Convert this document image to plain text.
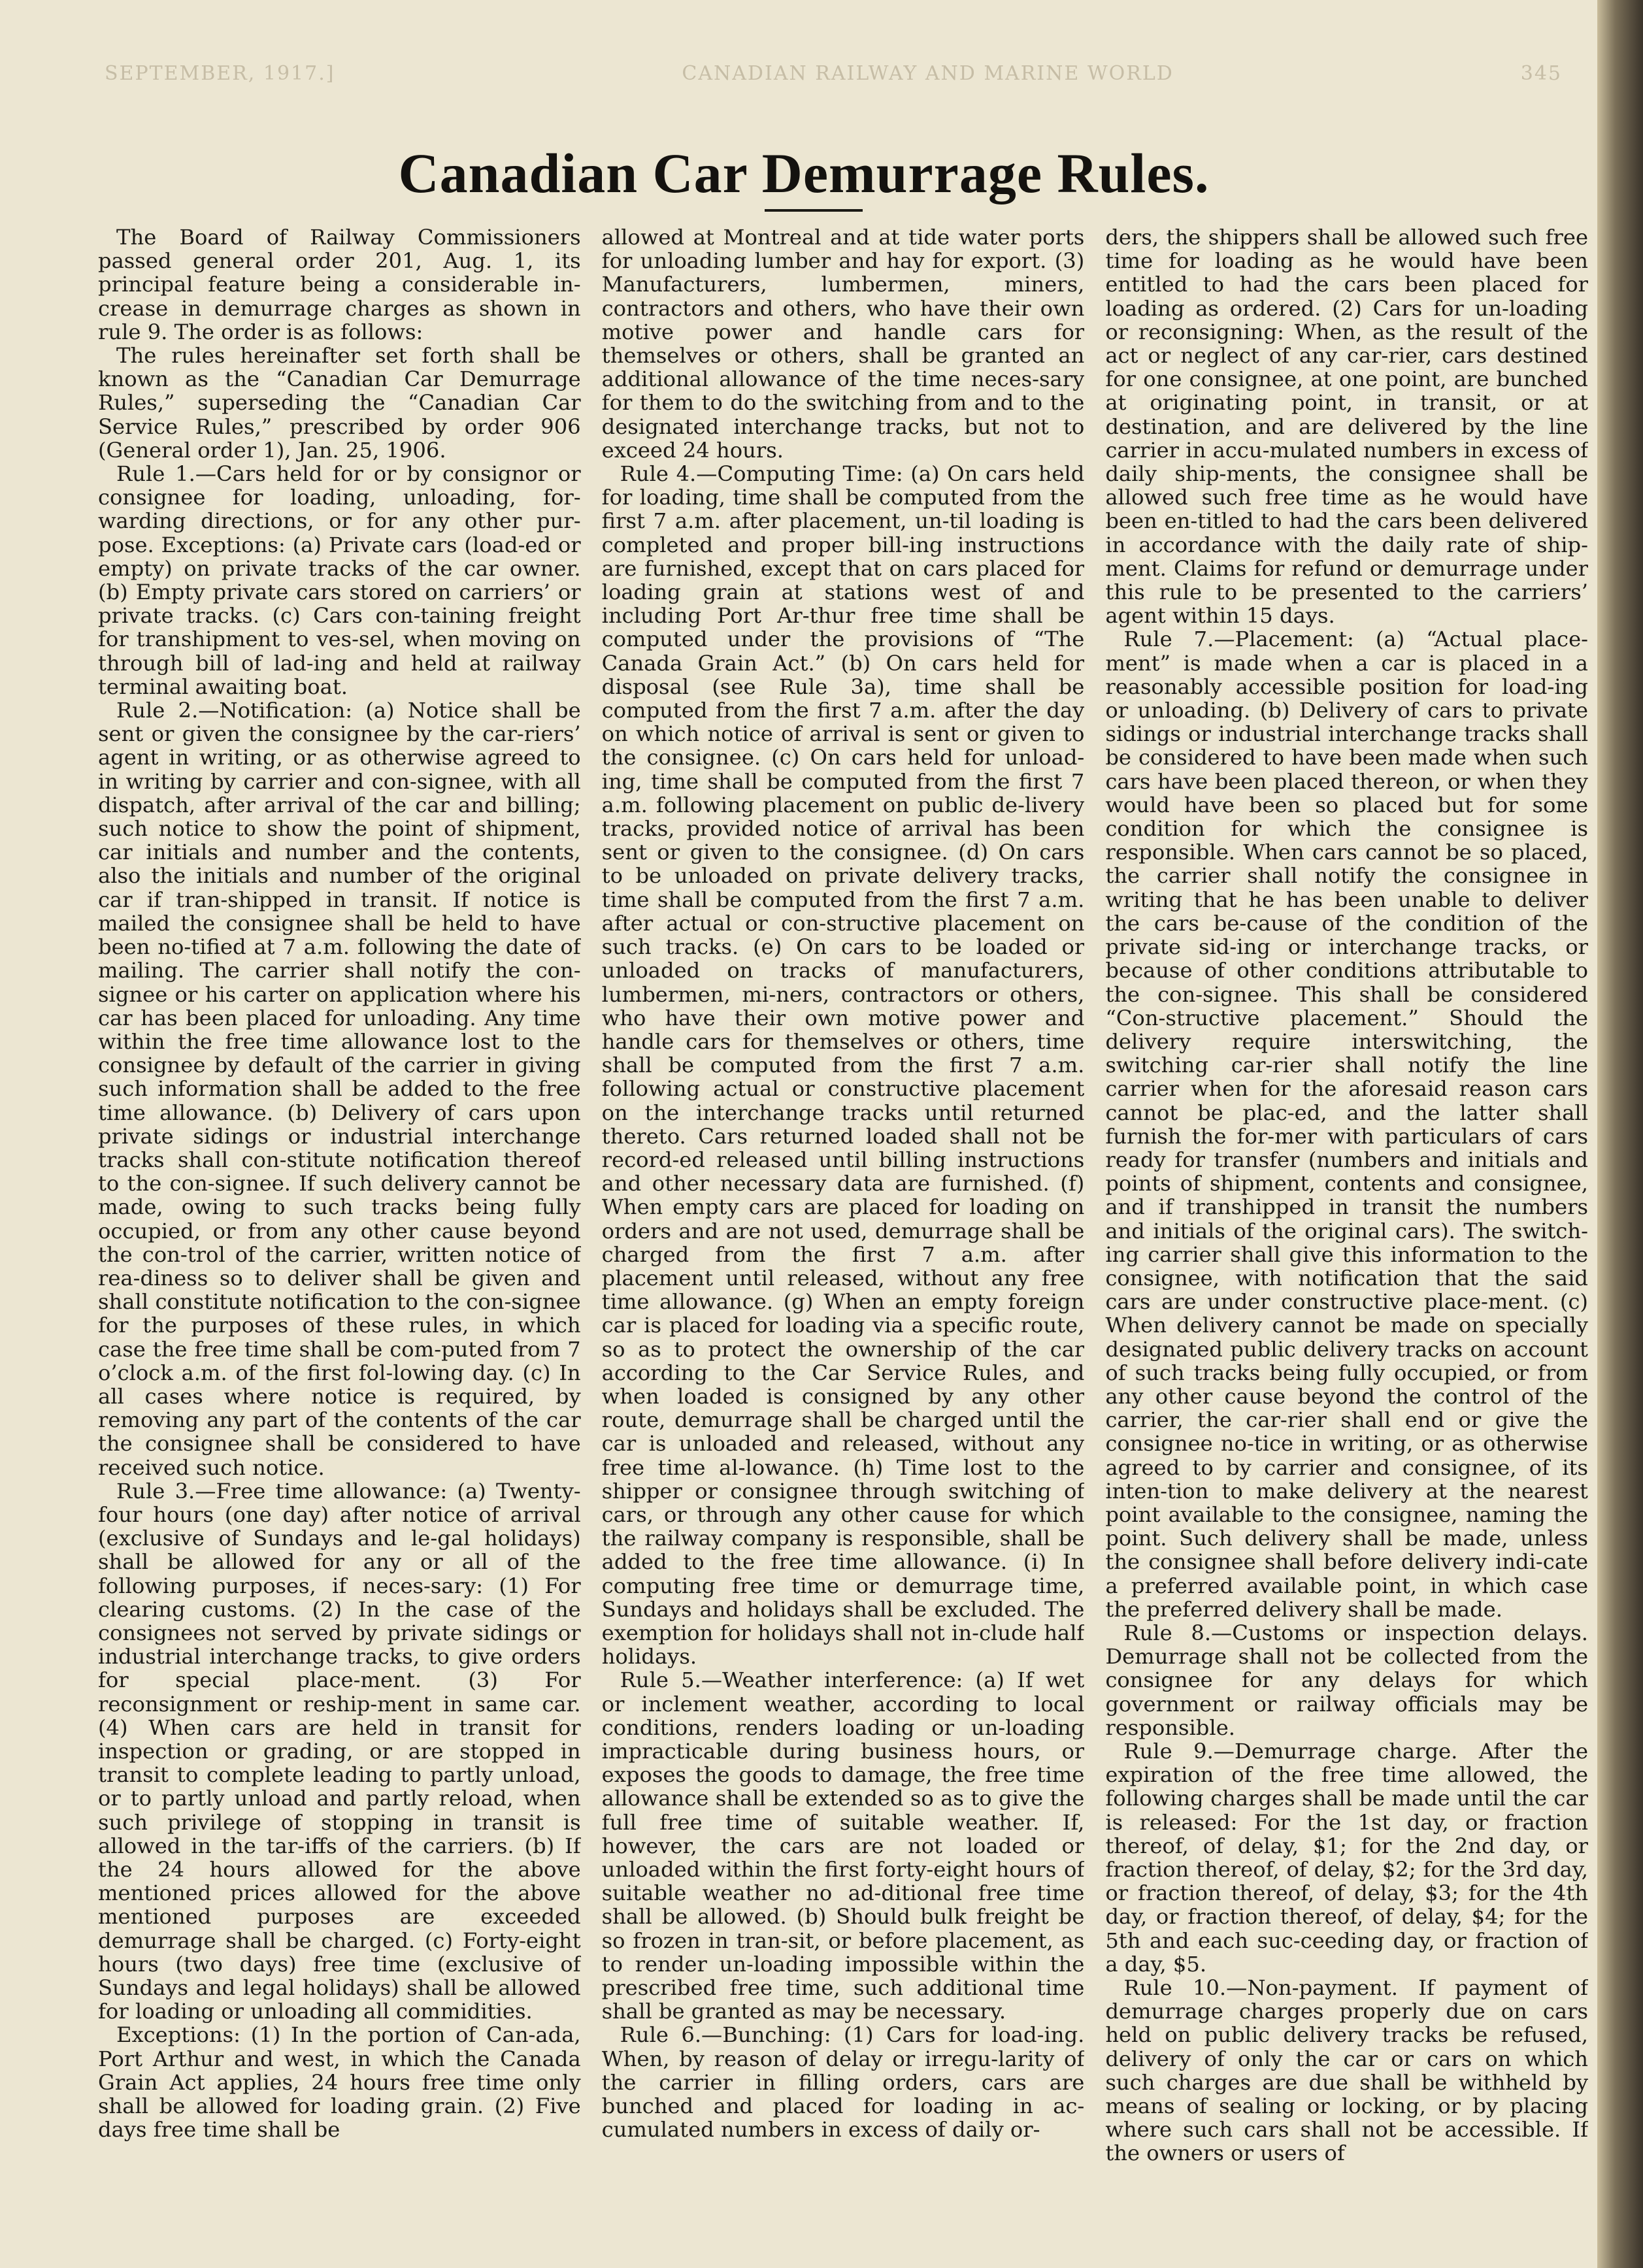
SEPTEMBER, 1917.]	CANADIAN RAILWAY AND MARINE WORLD	345
Canadian Car Demurrage Rules.

The Board of Railway Commissioners passed general order 201, Aug. 1, its principal feature being a considerable in-crease in demurrage charges as shown in rule 9. The order is as follows:

The rules hereinafter set forth shall be known as the “Canadian Car Demurrage Rules,” superseding the “Canadian Car Service Rules,” prescribed by order 906 (General order 1), Jan. 25, 1906.

Rule 1.—Cars held for or by consignor or consignee for loading, unloading, for-warding directions, or for any other pur-pose. Exceptions: (a) Private cars (load-ed or empty) on private tracks of the car owner. (b) Empty private cars stored on carriers’ or private tracks. (c) Cars con-taining freight for transhipment to ves-sel, when moving on through bill of lad-ing and held at railway terminal awaiting boat.

Rule 2.—Notification: (a) Notice shall be sent or given the consignee by the car-riers’ agent in writing, or as otherwise agreed to in writing by carrier and con-signee, with all dispatch, after arrival of the car and billing; such notice to show the point of shipment, car initials and number and the contents, also the initials and number of the original car if tran-shipped in transit. If notice is mailed the consignee shall be held to have been no-tified at 7 a.m. following the date of mailing. The carrier shall notify the con-signee or his carter on application where his car has been placed for unloading. Any time within the free time allowance lost to the consignee by default of the carrier in giving such information shall be added to the free time allowance. (b) Delivery of cars upon private sidings or industrial interchange tracks shall con-stitute notification thereof to the con-signee. If such delivery cannot be made, owing to such tracks being fully occupied, or from any other cause beyond the con-trol of the carrier, written notice of rea-diness so to deliver shall be given and shall constitute notification to the con-signee for the purposes of these rules, in which case the free time shall be com-puted from 7 o’clock a.m. of the first fol-lowing day. (c) In all cases where notice is required, by removing any part of the contents of the car the consignee shall be considered to have received such notice.

Rule 3.—Free time allowance: (a) Twenty-four hours (one day) after notice of arrival (exclusive of Sundays and le-gal holidays) shall be allowed for any or all of the following purposes, if neces-sary: (1) For clearing customs. (2) In the case of the consignees not served by private sidings or industrial interchange tracks, to give orders for special place-ment. (3) For reconsignment or reship-ment in same car. (4) When cars are held in transit for inspection or grading, or are stopped in transit to complete leading to partly unload, or to partly unload and partly reload, when such privilege of stopping in transit is allowed in the tar-iffs of the carriers. (b) If the 24 hours allowed for the above mentioned prices allowed for the above mentioned purposes are exceeded demurrage shall be charged. (c) Forty-eight hours (two days) free time (exclusive of Sundays and legal holidays) shall be allowed for loading or unloading all commidities.

Exceptions: (1) In the portion of Can-ada, Port Arthur and west, in which the Canada Grain Act applies, 24 hours free time only shall be allowed for loading grain. (2) Five days free time shall be

allowed at Montreal and at tide water ports for unloading lumber and hay for export. (3) Manufacturers, lumbermen, miners, contractors and others, who have their own motive power and handle cars for themselves or others, shall be granted an additional allowance of the time neces-sary for them to do the switching from and to the designated interchange tracks, but not to exceed 24 hours.

Rule 4.—Computing Time: (a) On cars held for loading, time shall be computed from the first 7 a.m. after placement, un-til loading is completed and proper bill-ing instructions are furnished, except that on cars placed for loading grain at stations west of and including Port Ar-thur free time shall be computed under the provisions of “The Canada Grain Act.” (b) On cars held for disposal (see Rule 3a), time shall be computed from the first 7 a.m. after the day on which notice of arrival is sent or given to the consignee. (c) On cars held for unload-ing, time shall be computed from the first 7 a.m. following placement on public de-livery tracks, provided notice of arrival has been sent or given to the consignee. (d) On cars to be unloaded on private delivery tracks, time shall be computed from the first 7 a.m. after actual or con-structive placement on such tracks. (e) On cars to be loaded or unloaded on tracks of manufacturers, lumbermen, mi-ners, contractors or others, who have their own motive power and handle cars for themselves or others, time shall be computed from the first 7 a.m. following actual or constructive placement on the interchange tracks until returned thereto. Cars returned loaded shall not be record-ed released until billing instructions and other necessary data are furnished. (f) When empty cars are placed for loading on orders and are not used, demurrage shall be charged from the first 7 a.m. after placement until released, without any free time allowance. (g) When an empty foreign car is placed for loading via a specific route, so as to protect the ownership of the car according to the Car Service Rules, and when loaded is consigned by any other route, demurrage shall be charged until the car is unloaded and released, without any free time al-lowance. (h) Time lost to the shipper or consignee through switching of cars, or through any other cause for which the railway company is responsible, shall be added to the free time allowance. (i) In computing free time or demurrage time, Sundays and holidays shall be excluded. The exemption for holidays shall not in-clude half holidays.

Rule 5.—Weather interference: (a) If wet or inclement weather, according to local conditions, renders loading or un-loading impracticable during business hours, or exposes the goods to damage, the free time allowance shall be extended so as to give the full free time of suitable weather. If, however, the cars are not loaded or unloaded within the first forty-eight hours of suitable weather no ad-ditional free time shall be allowed. (b) Should bulk freight be so frozen in tran-sit, or before placement, as to render un-loading impossible within the prescribed free time, such additional time shall be granted as may be necessary.

Rule 6.—Bunching: (1) Cars for load-ing. When, by reason of delay or irregu-larity of the carrier in filling orders, cars are bunched and placed for loading in ac-cumulated numbers in excess of daily or-

ders, the shippers shall be allowed such free time for loading as he would have been entitled to had the cars been placed for loading as ordered. (2) Cars for un-loading or reconsigning: When, as the result of the act or neglect of any car-rier, cars destined for one consignee, at one point, are bunched at originating point, in transit, or at destination, and are delivered by the line carrier in accu-mulated numbers in excess of daily ship-ments, the consignee shall be allowed such free time as he would have been en-titled to had the cars been delivered in accordance with the daily rate of ship-ment. Claims for refund or demurrage under this rule to be presented to the carriers’ agent within 15 days.

Rule 7.—Placement: (a) “Actual place-ment” is made when a car is placed in a reasonably accessible position for load-ing or unloading. (b) Delivery of cars to private sidings or industrial interchange tracks shall be considered to have been made when such cars have been placed thereon, or when they would have been so placed but for some condition for which the consignee is responsible. When cars cannot be so placed, the carrier shall notify the consignee in writing that he has been unable to deliver the cars be-cause of the condition of the private sid-ing or interchange tracks, or because of other conditions attributable to the con-signee. This shall be considered “Con-structive placement.” Should the delivery require interswitching, the switching car-rier shall notify the line carrier when for the aforesaid reason cars cannot be plac-ed, and the latter shall furnish the for-mer with particulars of cars ready for transfer (numbers and initials and points of shipment, contents and consignee, and if transhipped in transit the numbers and initials of the original cars). The switch-ing carrier shall give this information to the consignee, with notification that the said cars are under constructive place-ment. (c) When delivery cannot be made on specially designated public delivery tracks on account of such tracks being fully occupied, or from any other cause beyond the control of the carrier, the car-rier shall end or give the consignee no-tice in writing, or as otherwise agreed to by carrier and consignee, of its inten-tion to make delivery at the nearest point available to the consignee, naming the point. Such delivery shall be made, unless the consignee shall before delivery indi-cate a preferred available point, in which case the preferred delivery shall be made.

Rule 8.—Customs or inspection delays. Demurrage shall not be collected from the consignee for any delays for which government or railway officials may be responsible.

Rule 9.—Demurrage charge. After the expiration of the free time allowed, the following charges shall be made until the car is released: For the 1st day, or fraction thereof, of delay, $1; for the 2nd day, or fraction thereof, of delay, $2; for the 3rd day, or fraction thereof, of delay, $3; for the 4th day, or fraction thereof, of delay, $4; for the 5th and each suc-ceeding day, or fraction of a day, $5.

Rule 10.—Non-payment. If payment of demurrage charges properly due on cars held on public delivery tracks be refused, delivery of only the car or cars on which such charges are due shall be withheld by means of sealing or locking, or by placing where such cars shall not be accessible. If the owners or users of
